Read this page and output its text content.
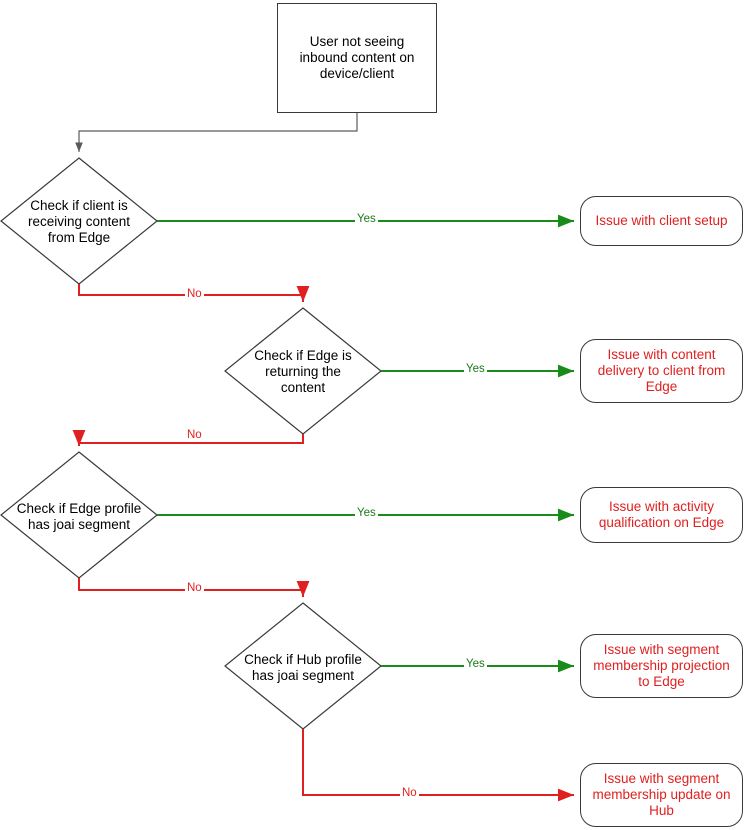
User not seeing inbound content on device/client
Check if client is receiving content from Edge
Check if Edge is returning the content
Check if Edge profile has joai segment
Check if Hub profile has joai segment
Issue with client setup
Issue with content delivery to client from Edge
Issue with activity qualification on Edge
Issue with segment membership projection to Edge
Issue with segment membership update on Hub
Yes
Yes
Yes
Yes
No
No
No
No
